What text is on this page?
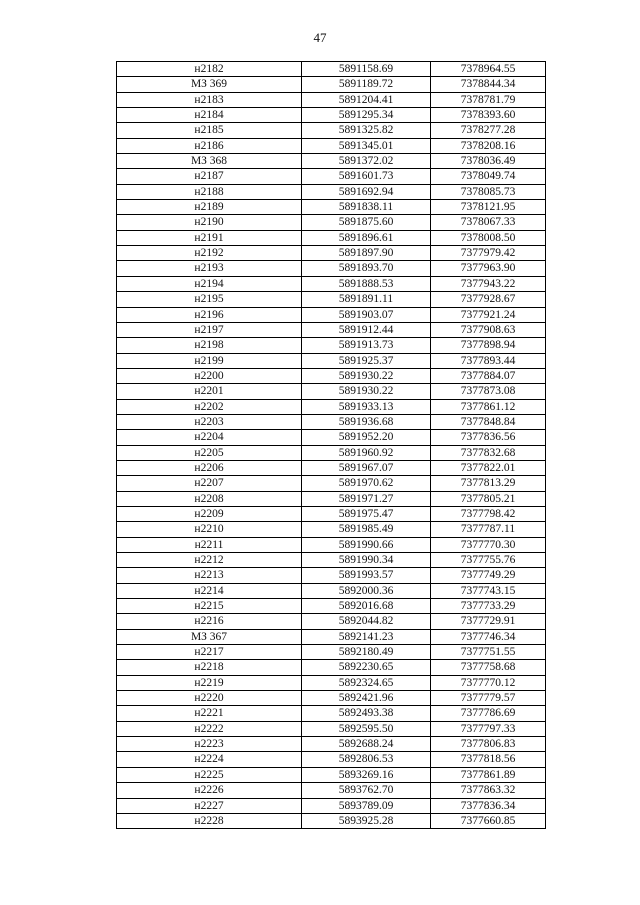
47
н2182	5891158.69	7378964.55
МЗ 369	5891189.72	7378844.34
н2183	5891204.41	7378781.79
н2184	5891295.34	7378393.60
н2185	5891325.82	7378277.28
н2186	5891345.01	7378208.16
МЗ 368	5891372.02	7378036.49
н2187	5891601.73	7378049.74
н2188	5891692.94	7378085.73
н2189	5891838.11	7378121.95
н2190	5891875.60	7378067.33
н2191	5891896.61	7378008.50
н2192	5891897.90	7377979.42
н2193	5891893.70	7377963.90
н2194	5891888.53	7377943.22
н2195	5891891.11	7377928.67
н2196	5891903.07	7377921.24
н2197	5891912.44	7377908.63
н2198	5891913.73	7377898.94
н2199	5891925.37	7377893.44
н2200	5891930.22	7377884.07
н2201	5891930.22	7377873.08
н2202	5891933.13	7377861.12
н2203	5891936.68	7377848.84
н2204	5891952.20	7377836.56
н2205	5891960.92	7377832.68
н2206	5891967.07	7377822.01
н2207	5891970.62	7377813.29
н2208	5891971.27	7377805.21
н2209	5891975.47	7377798.42
н2210	5891985.49	7377787.11
н2211	5891990.66	7377770.30
н2212	5891990.34	7377755.76
н2213	5891993.57	7377749.29
н2214	5892000.36	7377743.15
н2215	5892016.68	7377733.29
н2216	5892044.82	7377729.91
МЗ 367	5892141.23	7377746.34
н2217	5892180.49	7377751.55
н2218	5892230.65	7377758.68
н2219	5892324.65	7377770.12
н2220	5892421.96	7377779.57
н2221	5892493.38	7377786.69
н2222	5892595.50	7377797.33
н2223	5892688.24	7377806.83
н2224	5892806.53	7377818.56
н2225	5893269.16	7377861.89
н2226	5893762.70	7377863.32
н2227	5893789.09	7377836.34
н2228	5893925.28	7377660.85
